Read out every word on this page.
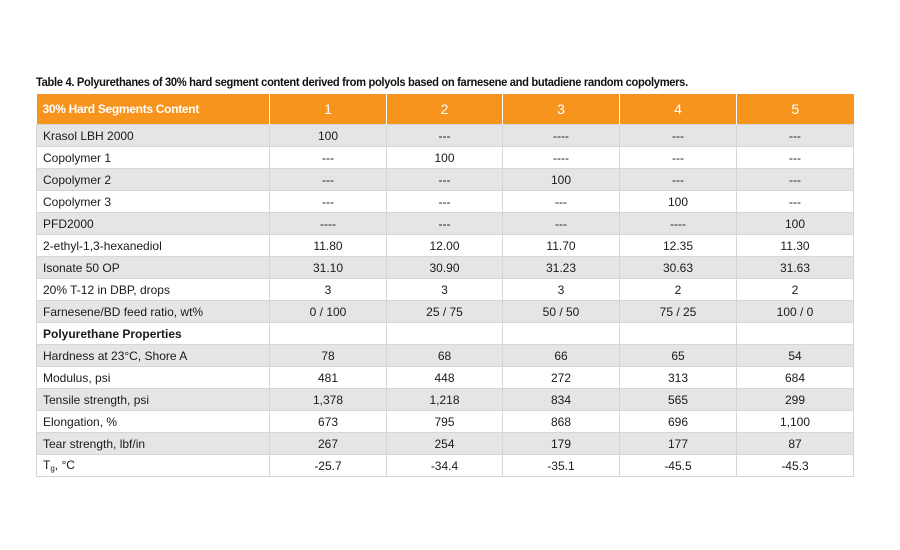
Table 4. Polyurethanes of 30% hard segment content derived from polyols based on farnesene and butadiene random copolymers.
30% Hard Segments Content	1	2	3	4	5
Krasol LBH 2000	100	---	----	---	---
Copolymer 1	---	100	----	---	---
Copolymer 2	---	---	100	---	---
Copolymer 3	---	---	---	100	---
PFD2000	----	---	---	----	100
2-ethyl-1,3-hexanediol	11.80	12.00	11.70	12.35	11.30
Isonate 50 OP	31.10	30.90	31.23	30.63	31.63
20% T-12 in DBP, drops	3	3	3	2	2
Farnesene/BD feed ratio, wt%	0 / 100	25 / 75	50 / 50	75 / 25	100 / 0
Polyurethane Properties					
Hardness at 23°C, Shore A	78	68	66	65	54
Modulus, psi	481	448	272	313	684
Tensile strength, psi	1,378	1,218	834	565	299
Elongation, %	673	795	868	696	1,100
Tear strength, lbf/in	267	254	179	177	87
$T_g$, °C	-25.7	-34.4	-35.1	-45.5	-45.3
